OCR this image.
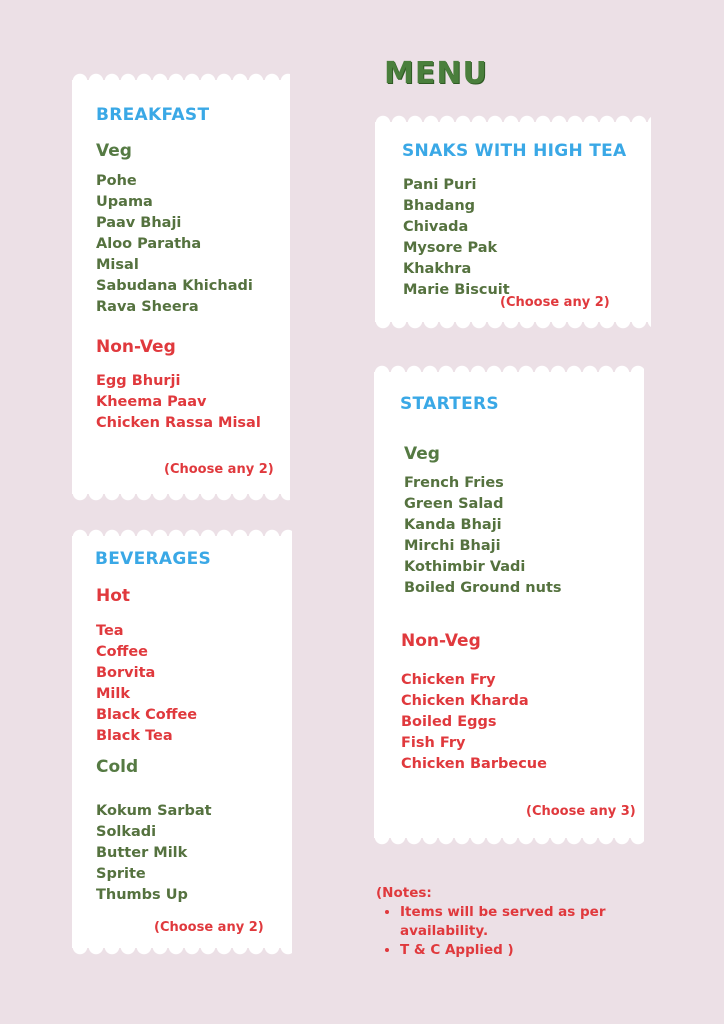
MENU
BREAKFAST
Veg
Pohe
Upama
Paav Bhaji
Aloo Paratha
Misal
Sabudana Khichadi
Rava Sheera
Non-Veg
Egg Bhurji
Kheema Paav
Chicken Rassa Misal
(Choose any 2)
SNAKS WITH HIGH TEA
Pani Puri
Bhadang
Chivada
Mysore Pak
Khakhra
Marie Biscuit
(Choose any 2)
STARTERS
Veg
French Fries
Green Salad
Kanda Bhaji
Mirchi Bhaji
Kothimbir Vadi
Boiled Ground nuts
Non-Veg
Chicken Fry
Chicken Kharda
Boiled Eggs
Fish Fry
Chicken Barbecue
(Choose any 3)
BEVERAGES
Hot
Tea
Coffee
Borvita
Milk
Black Coffee
Black Tea
Cold
Kokum Sarbat
Solkadi
Butter Milk
Sprite
Thumbs Up
(Choose any 2)
(Notes:
• Items will be served as per availability.
• T & C Applied )
